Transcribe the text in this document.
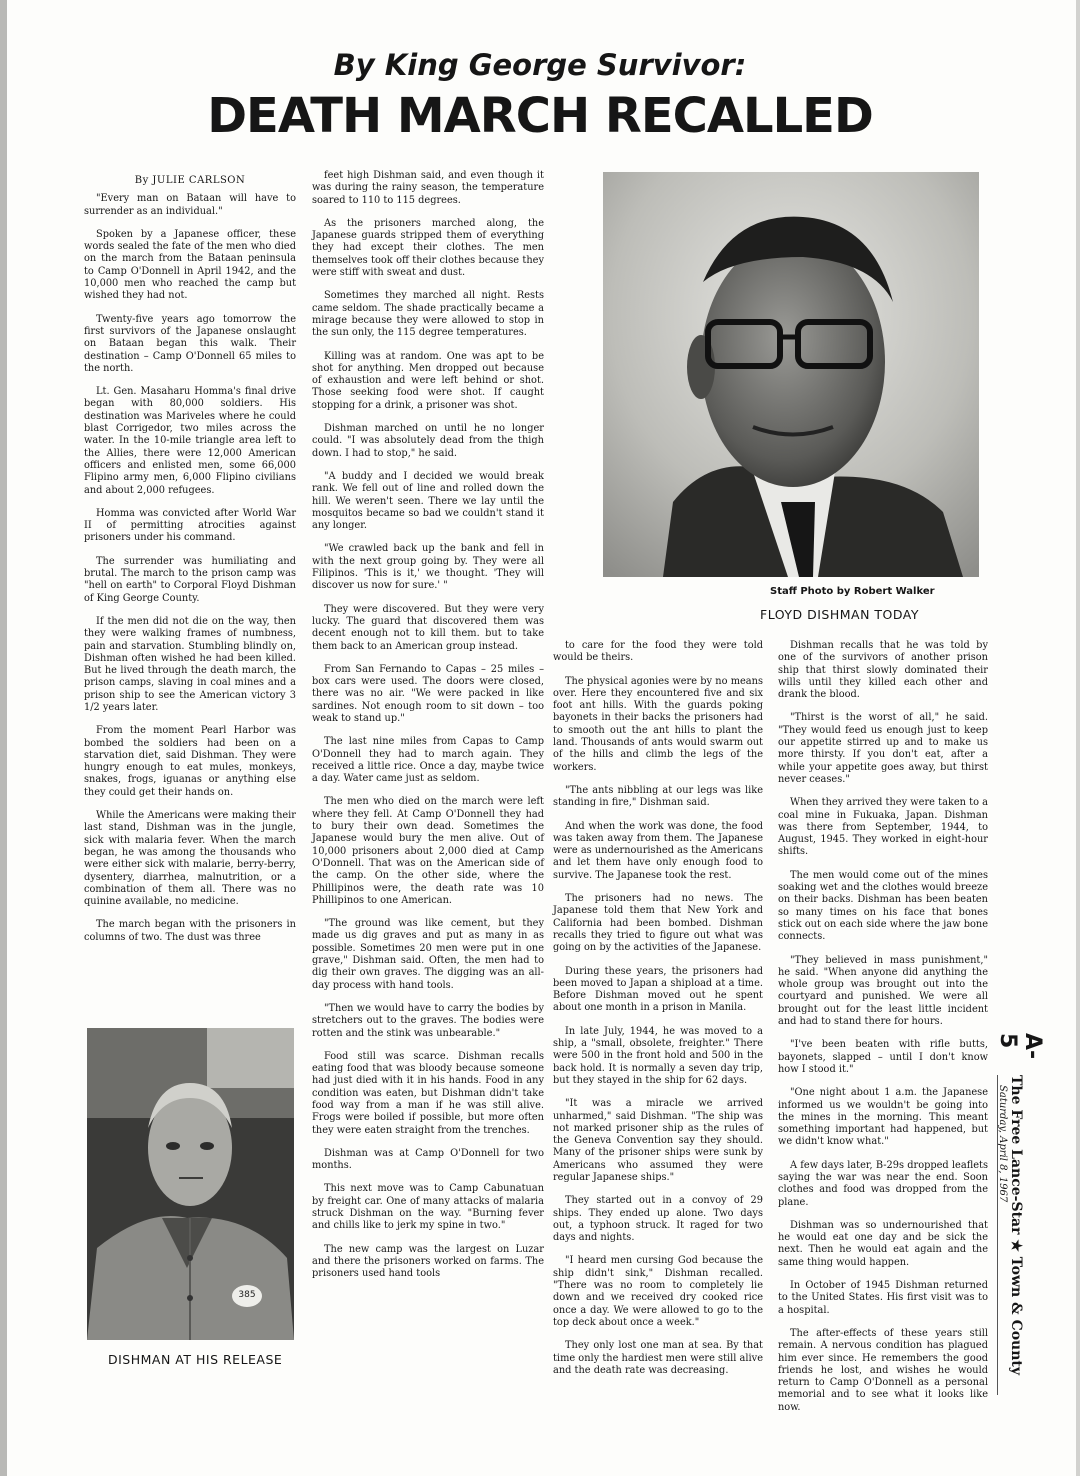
By King George Survivor:
DEATH MARCH RECALLED
By JULIE CARLSON

"Every man on Bataan will have to surrender as an individual."

Spoken by a Japanese officer, these words sealed the fate of the men who died on the march from the Bataan peninsula to Camp O'Donnell in April 1942, and the 10,000 men who reached the camp but wished they had not.

Twenty-five years ago tomorrow the first survivors of the Japanese onslaught on Bataan began this walk. Their destination – Camp O'Donnell 65 miles to the north.

Lt. Gen. Masaharu Homma's final drive began with 80,000 soldiers. His destination was Mariveles where he could blast Corrigedor, two miles across the water. In the 10-mile triangle area left to the Allies, there were 12,000 American officers and enlisted men, some 66,000 Flipino army men, 6,000 Flipino civilians and about 2,000 refugees.

Homma was convicted after World War II of permitting atrocities against prisoners under his command.

The surrender was humiliating and brutal. The march to the prison camp was "hell on earth" to Corporal Floyd Dishman of King George County.

If the men did not die on the way, then they were walking frames of numbness, pain and starvation. Stumbling blindly on, Dishman often wished he had been killed. But he lived through the death march, the prison camps, slaving in coal mines and a prison ship to see the American victory 3 1/2 years later.

From the moment Pearl Harbor was bombed the soldiers had been on a starvation diet, said Dishman. They were hungry enough to eat mules, monkeys, snakes, frogs, iguanas or anything else they could get their hands on.

While the Americans were making their last stand, Dishman was in the jungle, sick with malaria fever. When the march began, he was among the thousands who were either sick with malarie, berry-berry, dysentery, diarrhea, malnutrition, or a combination of them all. There was no quinine available, no medicine.

The march began with the prisoners in columns of two. The dust was three

feet high Dishman said, and even though it was during the rainy season, the temperature soared to 110 to 115 degrees.

As the prisoners marched along, the Japanese guards stripped them of everything they had except their clothes. The men themselves took off their clothes because they were stiff with sweat and dust.

Sometimes they marched all night. Rests came seldom. The shade practically became a mirage because they were allowed to stop in the sun only, the 115 degree temperatures.

Killing was at random. One was apt to be shot for anything. Men dropped out because of exhaustion and were left behind or shot. Those seeking food were shot. If caught stopping for a drink, a prisoner was shot.

Dishman marched on until he no longer could. "I was absolutely dead from the thigh down. I had to stop," he said.

"A buddy and I decided we would break rank. We fell out of line and rolled down the hill. We weren't seen. There we lay until the mosquitos became so bad we couldn't stand it any longer.

"We crawled back up the bank and fell in with the next group going by. They were all Filipinos. 'This is it,' we thought. 'They will discover us now for sure.' "

They were discovered. But they were very lucky. The guard that discovered them was decent enough not to kill them. but to take them back to an American group instead.

From San Fernando to Capas – 25 miles – box cars were used. The doors were closed, there was no air. "We were packed in like sardines. Not enough room to sit down – too weak to stand up."

The last nine miles from Capas to Camp O'Donnell they had to march again. They received a little rice. Once a day, maybe twice a day. Water came just as seldom.

The men who died on the march were left where they fell. At Camp O'Donnell they had to bury their own dead. Sometimes the Japanese would bury the men alive. Out of 10,000 prisoners about 2,000 died at Camp O'Donnell. That was on the American side of the camp. On the other side, where the Phillipinos were, the death rate was 10 Phillipinos to one American.

"The ground was like cement, but they made us dig graves and put as many in as possible. Sometimes 20 men were put in one grave," Dishman said. Often, the men had to dig their own graves. The digging was an all-day process with hand tools.

"Then we would have to carry the bodies by stretchers out to the graves. The bodies were rotten and the stink was unbearable."

Food still was scarce. Dishman recalls eating food that was bloody because someone had just died with it in his hands. Food in any condition was eaten, but Dishman didn't take food way from a man if he was still alive. Frogs were boiled if possible, but more often they were eaten straight from the trenches.

Dishman was at Camp O'Donnell for two months.

This next move was to Camp Cabunatuan by freight car. One of many attacks of malaria struck Dishman on the way. "Burning fever and chills like to jerk my spine in two."

The new camp was the largest on Luzar and there the prisoners worked on farms. The prisoners used hand tools

to care for the food they were told would be theirs.

The physical agonies were by no means over. Here they encountered five and six foot ant hills. With the guards poking bayonets in their backs the prisoners had to smooth out the ant hills to plant the land. Thousands of ants would swarm out of the hills and climb the legs of the workers.

"The ants nibbling at our legs was like standing in fire," Dishman said.

And when the work was done, the food was taken away from them. The Japanese were as undernourished as the Americans and let them have only enough food to survive. The Japanese took the rest.

The prisoners had no news. The Japanese told them that New York and California had been bombed. Dishman recalls they tried to figure out what was going on by the activities of the Japanese.

During these years, the prisoners had been moved to Japan a shipload at a time. Before Dishman moved out he spent about one month in a prison in Manila.

In late July, 1944, he was moved to a ship, a "small, obsolete, freighter." There were 500 in the front hold and 500 in the back hold. It is normally a seven day trip, but they stayed in the ship for 62 days.

"It was a miracle we arrived unharmed," said Dishman. "The ship was not marked prisoner ship as the rules of the Geneva Convention say they should. Many of the prisoner ships were sunk by Americans who assumed they were regular Japanese ships."

They started out in a convoy of 29 ships. They ended up alone. Two days out, a typhoon struck. It raged for two days and nights.

"I heard men cursing God because the ship didn't sink," Dishman recalled. "There was no room to completely lie down and we received dry cooked rice once a day. We were allowed to go to the top deck about once a week."

They only lost one man at sea. By that time only the hardiest men were still alive and the death rate was decreasing.

Dishman recalls that he was told by one of the survivors of another prison ship that thirst slowly dominated their wills until they killed each other and drank the blood.

"Thirst is the worst of all," he said. "They would feed us enough just to keep our appetite stirred up and to make us more thirsty. If you don't eat, after a while your appetite goes away, but thirst never ceases."

When they arrived they were taken to a coal mine in Fukuaka, Japan. Dishman was there from September, 1944, to August, 1945. They worked in eight-hour shifts.

The men would come out of the mines soaking wet and the clothes would breeze on their backs. Dishman has been beaten so many times on his face that bones stick out on each side where the jaw bone connects.

"They believed in mass punishment," he said. "When anyone did anything the whole group was brought out into the courtyard and punished. We were all brought out for the least little incident and had to stand there for hours.

"I've been beaten with rifle butts, bayonets, slapped – until I don't know how I stood it."

"One night about 1 a.m. the Japanese informed us we wouldn't be going into the mines in the morning. This meant something important had happened, but we didn't know what."

A few days later, B-29s dropped leaflets saying the war was near the end. Soon clothes and food was dropped from the plane.

Dishman was so undernourished that he would eat one day and be sick the next. Then he would eat again and the same thing would happen.

In October of 1945 Dishman returned to the United States. His first visit was to a hospital.

The after-effects of these years still remain. A nervous condition has plagued him ever since. He remembers the good friends he lost, and wishes he would return to Camp O'Donnell as a personal memorial and to see what it looks like now.

Staff Photo by Robert Walker
FLOYD DISHMAN TODAY
385
DISHMAN AT HIS RELEASE	The Free Lance-Star ★ Town & County
Saturday, April 8, 1967
A-5
